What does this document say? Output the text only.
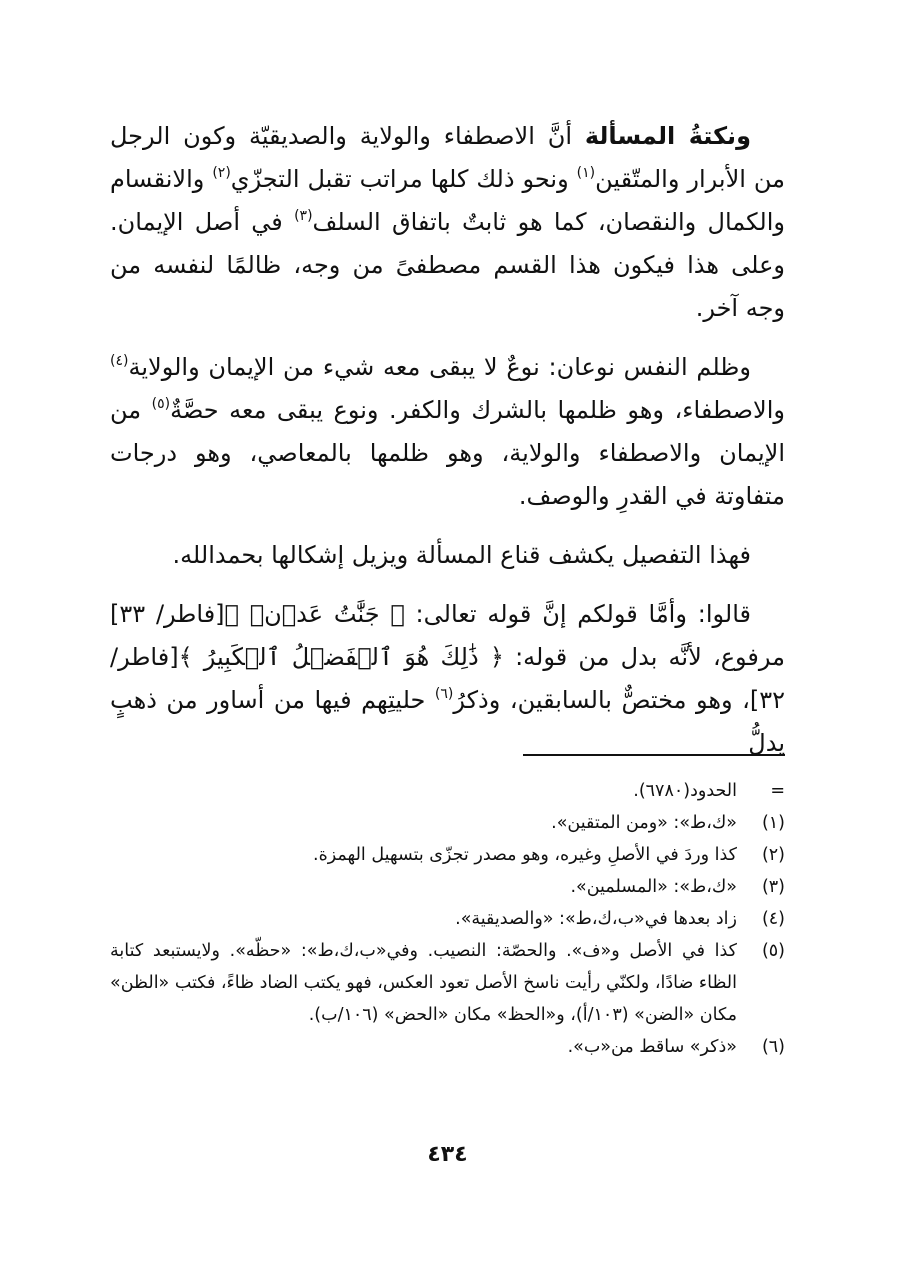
ونكتةُ المسألة أنَّ الاصطفاء والولاية والصديقيّة وكون الرجل من الأبرار والمتّقين$^{(١)}$ ونحو ذلك كلها مراتب تقبل التجزّي$^{(٢)}$ والانقسام والكمال والنقصان، كما هو ثابتٌ باتفاق السلف$^{(٣)}$ في أصل الإيمان. وعلى هذا فيكون هذا القسم مصطفىً من وجه، ظالمًا لنفسه من وجه آخر.

وظلم النفس نوعان: نوعٌ لا يبقى معه شيء من الإيمان والولاية$^{(٤)}$ والاصطفاء، وهو ظلمها بالشرك والكفر. ونوع يبقى معه حصَّةٌ$^{(٥)}$ من الإيمان والاصطفاء والولاية، وهو ظلمها بالمعاصي، وهو درجات متفاوتة في القدرِ والوصف.

فهذا التفصيل يكشف قناع المسألة ويزيل إشكالها بحمدالله.

قالوا: وأمَّا قولكم إنَّ قوله تعالى: ﴿ جَنَّٰتُ عَدۡنٖ ﴾[فاطر/ ٣٣] مرفوع، لأنَّه بدل من قوله: ﴿ ذَٰلِكَ هُوَ ٱلۡفَضۡلُ ٱلۡكَبِيرُ ﴾[فاطر/ ٣٢]، وهو مختصٌّ بالسابقين، وذكرُ$^{(٦)}$ حليتِهم فيها من أساور من ذهبٍ يدلُّ

=
الحدود(٦٧٨٠).
(١)
«ك،ط»: «ومن المتقين».
(٢)
كذا وردَ في الأصلِ وغيره، وهو مصدر تجزّى بتسهيل الهمزة.
(٣)
«ك،ط»: «المسلمين».
(٤)
زاد بعدها في«ب،ك،ط»: «والصديقية».
(٥)
كذا في الأصل و«ف». والحصّة: النصيب. وفي«ب،ك،ط»: «حظّه». ولايستبعد كتابة الظاء ضادًا، ولكنّي رأيت ناسخ الأصل تعود العكس، فهو يكتب الضاد ظاءً، فكتب «الظن» مكان «الضن» (١٠٣/أ)، و«الحظ» مكان «الحض» (١٠٦/ب).
(٦)
«ذكر» ساقط من«ب».
٤٣٤
